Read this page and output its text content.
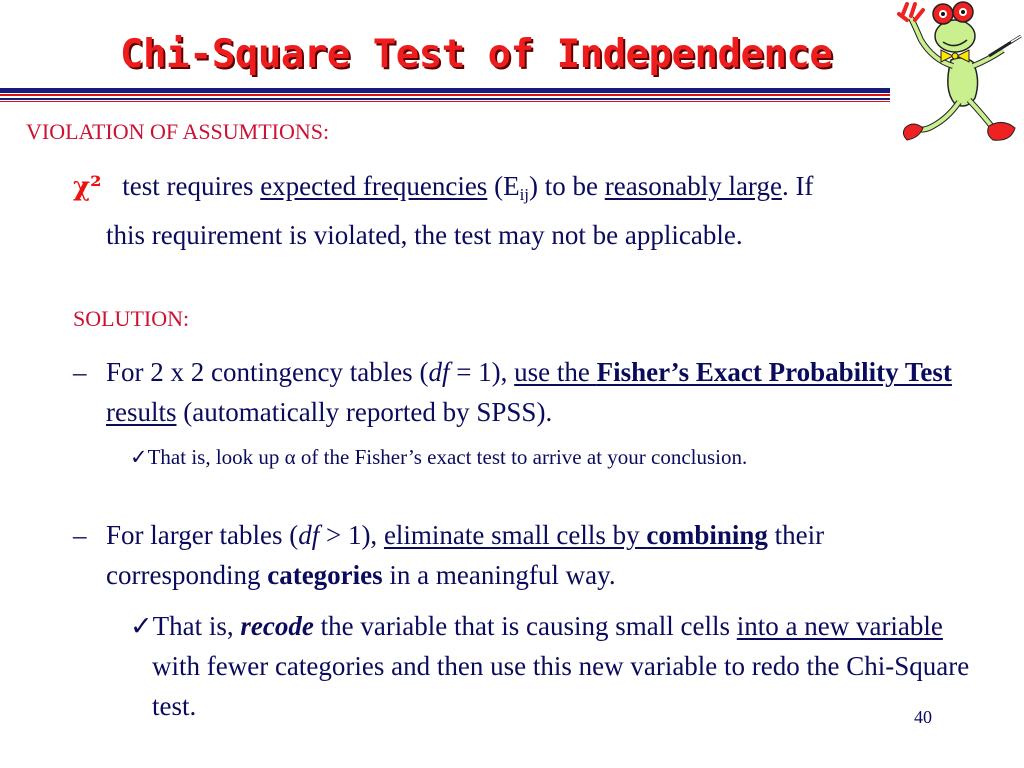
Chi-Square Test of Independence
VIOLATION OF ASSUMTIONS:
χ² test requires expected frequencies $(E_{ij})$ to be reasonably large. If
this requirement is violated, the test may not be applicable.
SOLUTION:
– For 2 x 2 contingency tables (df = 1), use the Fisher’s Exact Probability Test results (automatically reported by SPSS).
✓That is, look up α of the Fisher’s exact test to arrive at your conclusion.
– For larger tables (df > 1), eliminate small cells by combining their corresponding categories in a meaningful way.
✓That is, recode the variable that is causing small cells into a new variable with fewer categories and then use this new variable to redo the Chi-Square test.	40
